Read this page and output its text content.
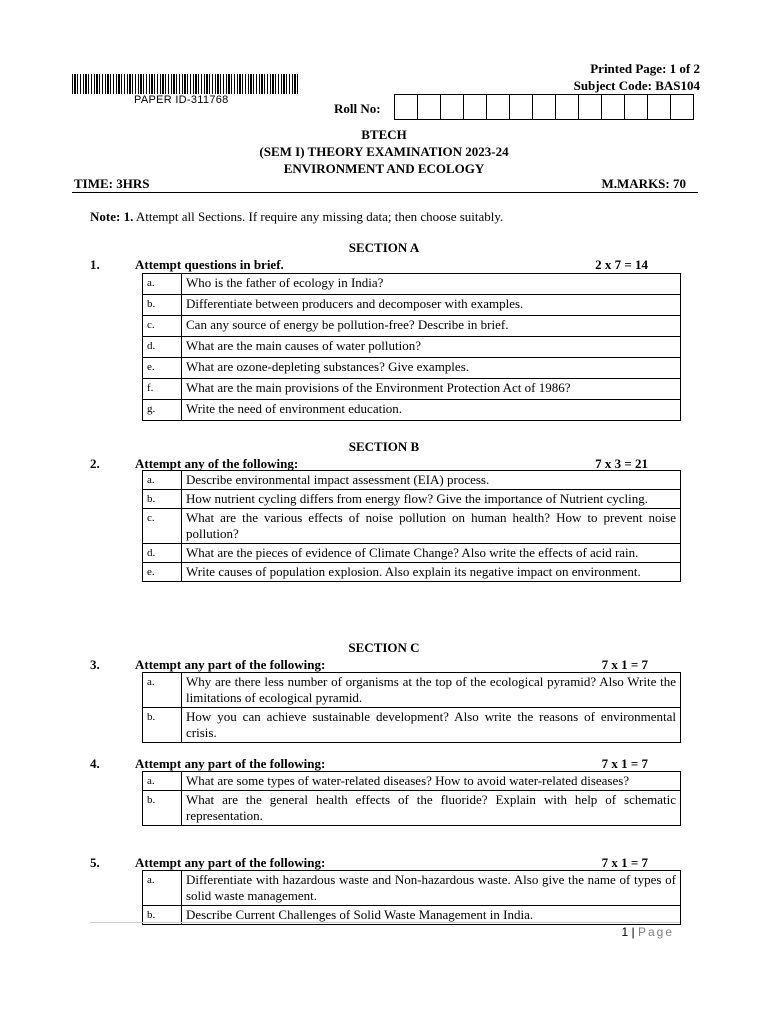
PAPER ID-311768
Printed Page: 1 of 2
Subject Code: BAS104
Roll No:
BTECH
(SEM I) THEORY EXAMINATION 2023-24
ENVIRONMENT AND ECOLOGY
TIME: 3HRS	M.MARKS: 70
Note: 1. Attempt all Sections. If require any missing data; then choose suitably.
SECTION A
1.	Attempt questions in brief.	2 x 7 = 14
a.	Who is the father of ecology in India?
b.	Differentiate between producers and decomposer with examples.
c.	Can any source of energy be pollution-free? Describe in brief.
d.	What are the main causes of water pollution?
e.	What are ozone-depleting substances? Give examples.
f.	What are the main provisions of the Environment Protection Act of 1986?
g.	Write the need of environment education.
SECTION B
2.	Attempt any of the following:	7 x 3 = 21
a.	Describe environmental impact assessment (EIA) process.
b.	How nutrient cycling differs from energy flow? Give the importance of Nutrient cycling.
c.	What are the various effects of noise pollution on human health? How to prevent noise pollution?
d.	What are the pieces of evidence of Climate Change? Also write the effects of acid rain.
e.	Write causes of population explosion. Also explain its negative impact on environment.
SECTION C
3.	Attempt any part of the following:	7 x 1 = 7
a.	Why are there less number of organisms at the top of the ecological pyramid? Also Write the limitations of ecological pyramid.
b.	How you can achieve sustainable development? Also write the reasons of environmental crisis.
4.	Attempt any part of the following:	7 x 1 = 7
a.	What are some types of water-related diseases? How to avoid water-related diseases?
b.	What are the general health effects of the fluoride? Explain with help of schematic representation.
5.	Attempt any part of the following:	7 x 1 = 7
a.	Differentiate with hazardous waste and Non-hazardous waste. Also give the name of types of solid waste management.
b.	Describe Current Challenges of Solid Waste Management in India.
1 | Page
